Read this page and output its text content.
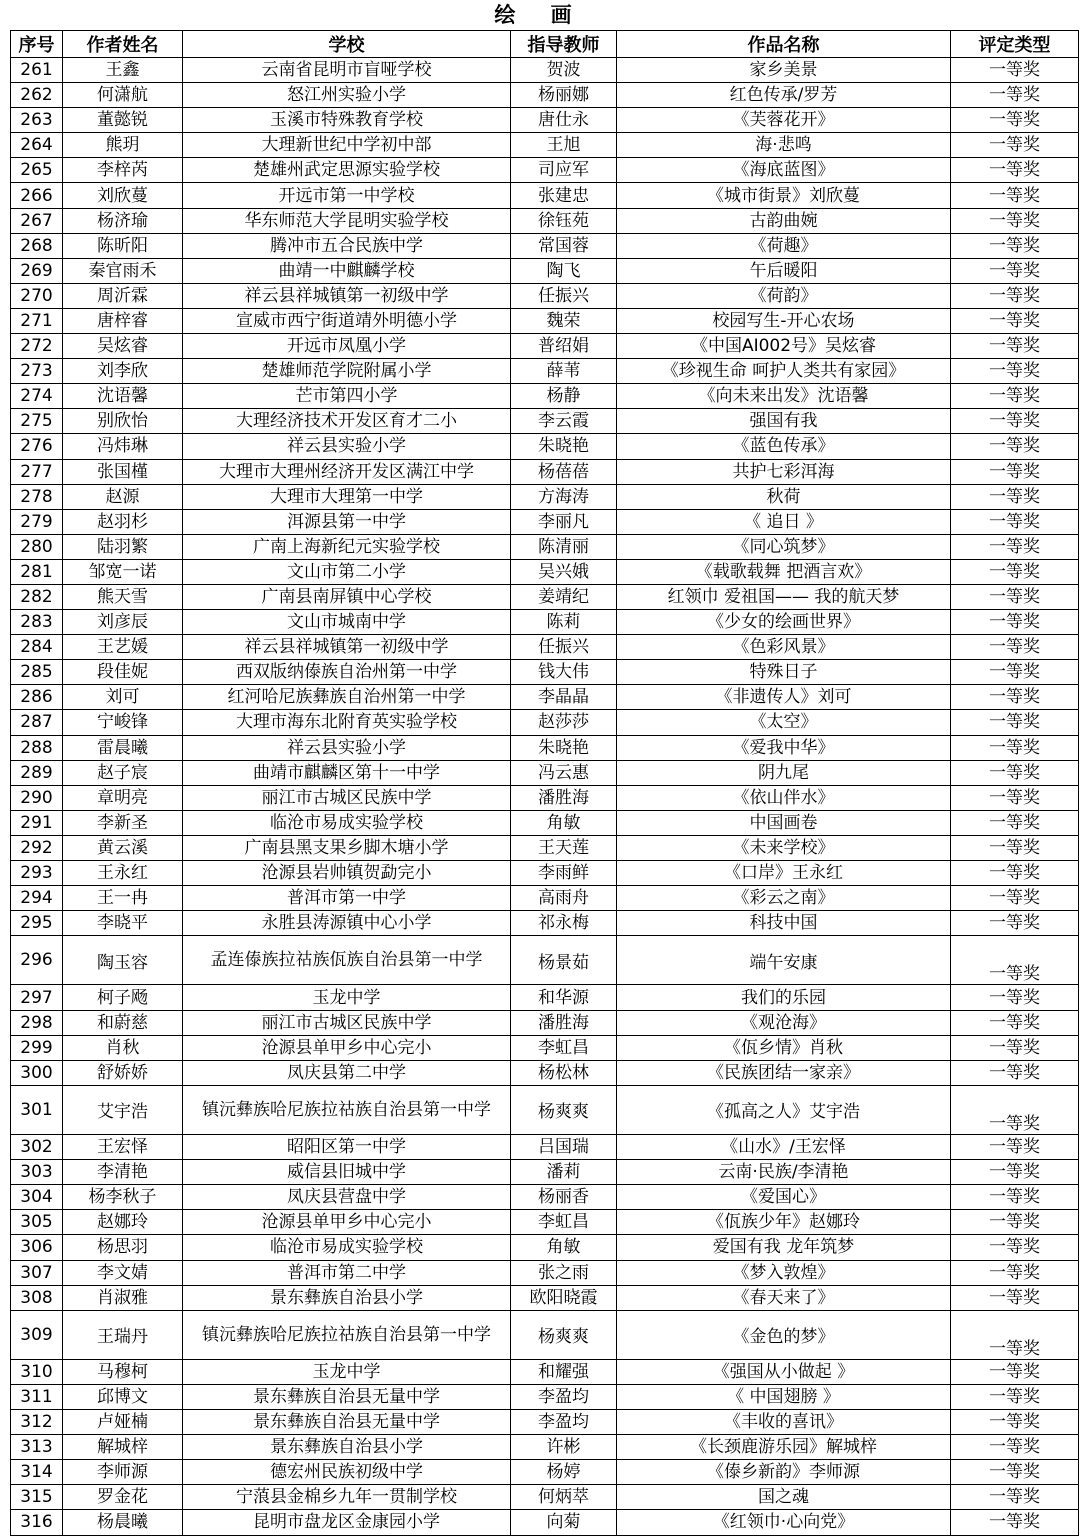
绘 画
序号	作者姓名	学校	指导教师	作品名称	评定类型
261	王鑫	云南省昆明市盲哑学校	贺波	家乡美景	一等奖
262	何潇航	怒江州实验小学	杨丽娜	红色传承/罗芳	一等奖
263	董懿锐	玉溪市特殊教育学校	唐仕永	《芙蓉花开》	一等奖
264	熊玥	大理新世纪中学初中部	王旭	海·悲鸣	一等奖
265	李梓芮	楚雄州武定思源实验学校	司应军	《海底蓝图》	一等奖
266	刘欣蔓	开远市第一中学校	张建忠	《城市街景》刘欣蔓	一等奖
267	杨济瑜	华东师范大学昆明实验学校	徐钰苑	古韵曲婉	一等奖
268	陈昕阳	腾冲市五合民族中学	常国蓉	《荷趣》	一等奖
269	秦官雨禾	曲靖一中麒麟学校	陶飞	午后暖阳	一等奖
270	周沂霖	祥云县祥城镇第一初级中学	任振兴	《荷韵》	一等奖
271	唐梓睿	宣威市西宁街道靖外明德小学	魏荣	校园写生-开心农场	一等奖
272	吴炫睿	开远市凤凰小学	普绍娟	《中国AI002号》吴炫睿	一等奖
273	刘李欣	楚雄师范学院附属小学	薛苇	《珍视生命 呵护人类共有家园》	一等奖
274	沈语馨	芒市第四小学	杨静	《向未来出发》沈语馨	一等奖
275	别欣怡	大理经济技术开发区育才二小	李云霞	强国有我	一等奖
276	冯炜琳	祥云县实验小学	朱晓艳	《蓝色传承》	一等奖
277	张国槿	大理市大理州经济开发区满江中学	杨蓓蓓	共护七彩洱海	一等奖
278	赵源	大理市大理第一中学	方海涛	秋荷	一等奖
279	赵羽杉	洱源县第一中学	李丽凡	《 追日 》	一等奖
280	陆羽繁	广南上海新纪元实验学校	陈清丽	《同心筑梦》	一等奖
281	邹宽一诺	文山市第二小学	吴兴娥	《载歌载舞 把酒言欢》	一等奖
282	熊天雪	广南县南屏镇中心学校	姜靖纪	红领巾 爱祖国—— 我的航天梦	一等奖
283	刘彦辰	文山市城南中学	陈莉	《少女的绘画世界》	一等奖
284	王艺媛	祥云县祥城镇第一初级中学	任振兴	《色彩风景》	一等奖
285	段佳妮	西双版纳傣族自治州第一中学	钱大伟	特殊日子	一等奖
286	刘可	红河哈尼族彝族自治州第一中学	李晶晶	《非遗传人》刘可	一等奖
287	宁峻锋	大理市海东北附育英实验学校	赵莎莎	《太空》	一等奖
288	雷晨曦	祥云县实验小学	朱晓艳	《爱我中华》	一等奖
289	赵子宸	曲靖市麒麟区第十一中学	冯云惠	阴九尾	一等奖
290	章明亮	丽江市古城区民族中学	潘胜海	《依山伴水》	一等奖
291	李新圣	临沧市易成实验学校	角敏	中国画卷	一等奖
292	黄云溪	广南县黑支果乡脚木塘小学	王天莲	《未来学校》	一等奖
293	王永红	沧源县岩帅镇贺勐完小	李雨鲜	《口岸》王永红	一等奖
294	王一冉	普洱市第一中学	高雨舟	《彩云之南》	一等奖
295	李晓平	永胜县涛源镇中心小学	祁永梅	科技中国	一等奖
296	陶玉容	孟连傣族拉祜族佤族自治县第一中学	杨景茹	端午安康	一等奖
297	柯子飏	玉龙中学	和华源	我们的乐园	一等奖
298	和蔚慈	丽江市古城区民族中学	潘胜海	《观沧海》	一等奖
299	肖秋	沧源县单甲乡中心完小	李虹昌	《佤乡情》肖秋	一等奖
300	舒娇娇	凤庆县第二中学	杨松林	《民族团结一家亲》	一等奖
301	艾宇浩	镇沅彝族哈尼族拉祜族自治县第一中学	杨爽爽	《孤高之人》艾宇浩	一等奖
302	王宏怿	昭阳区第一中学	吕国瑞	《山水》/王宏怿	一等奖
303	李清艳	威信县旧城中学	潘莉	云南·民族/李清艳	一等奖
304	杨李秋子	凤庆县营盘中学	杨丽香	《爱国心》	一等奖
305	赵娜玲	沧源县单甲乡中心完小	李虹昌	《佤族少年》赵娜玲	一等奖
306	杨思羽	临沧市易成实验学校	角敏	爱国有我 龙年筑梦	一等奖
307	李文婧	普洱市第二中学	张之雨	《梦入敦煌》	一等奖
308	肖淑雅	景东彝族自治县小学	欧阳晓霞	《春天来了》	一等奖
309	王瑞丹	镇沅彝族哈尼族拉祜族自治县第一中学	杨爽爽	《金色的梦》	一等奖
310	马穆柯	玉龙中学	和耀强	《强国从小做起 》	一等奖
311	邱博文	景东彝族自治县无量中学	李盈均	《 中国翅膀 》	一等奖
312	卢娅楠	景东彝族自治县无量中学	李盈均	《丰收的喜讯》	一等奖
313	解城梓	景东彝族自治县小学	许彬	《长颈鹿游乐园》解城梓	一等奖
314	李师源	德宏州民族初级中学	杨婷	《傣乡新韵》李师源	一等奖
315	罗金花	宁蒗县金棉乡九年一贯制学校	何炳萃	国之魂	一等奖
316	杨晨曦	昆明市盘龙区金康园小学	向菊	《红领巾·心向党》	一等奖
